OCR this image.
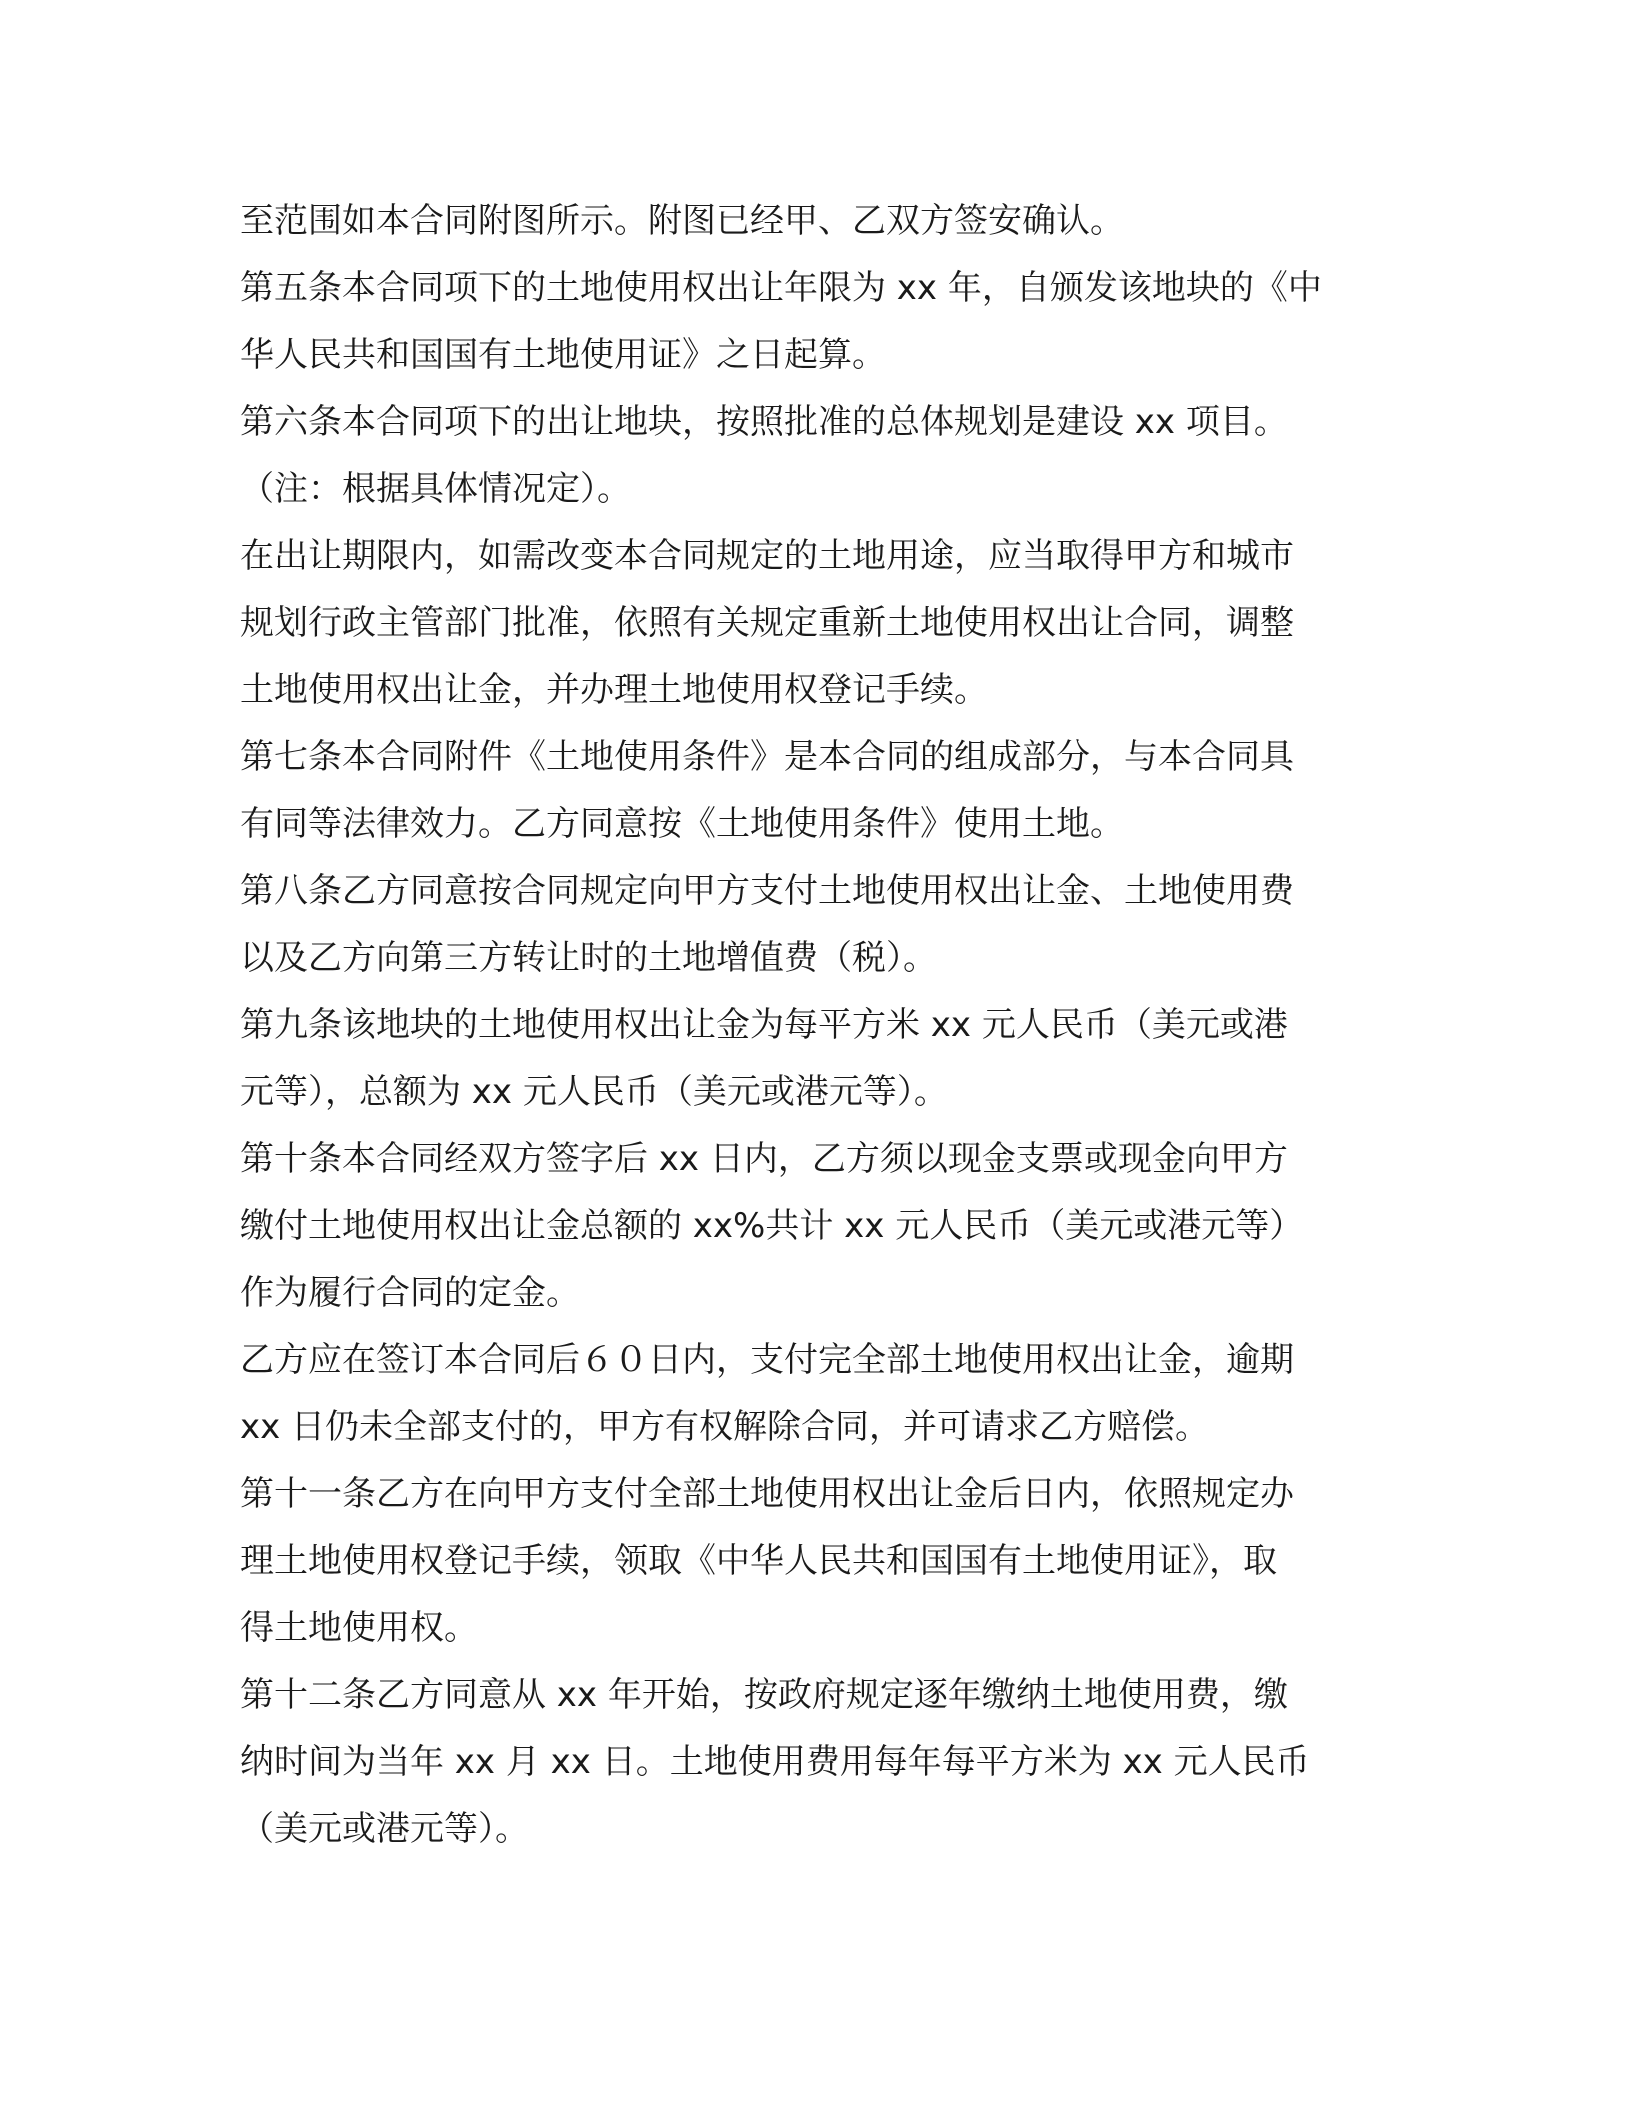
至范围如本合同附图所示。附图已经甲、乙双方签安确认。
第五条本合同项下的土地使用权出让年限为 xx 年，自颁发该地块的《中
华人民共和国国有土地使用证》之日起算。
第六条本合同项下的出让地块，按照批准的总体规划是建设 xx 项目。
（注：根据具体情况定）。
在出让期限内，如需改变本合同规定的土地用途，应当取得甲方和城市
规划行政主管部门批准，依照有关规定重新土地使用权出让合同，调整
土地使用权出让金，并办理土地使用权登记手续。
第七条本合同附件《土地使用条件》是本合同的组成部分，与本合同具
有同等法律效力。乙方同意按《土地使用条件》使用土地。
第八条乙方同意按合同规定向甲方支付土地使用权出让金、土地使用费
以及乙方向第三方转让时的土地增值费（税）。
第九条该地块的土地使用权出让金为每平方米 xx 元人民币（美元或港
元等），总额为 xx 元人民币（美元或港元等）。
第十条本合同经双方签字后 xx 日内，乙方须以现金支票或现金向甲方
缴付土地使用权出让金总额的 xx%共计 xx 元人民币（美元或港元等）
作为履行合同的定金。
乙方应在签订本合同后６０日内，支付完全部土地使用权出让金，逾期
xx 日仍未全部支付的，甲方有权解除合同，并可请求乙方赔偿。
第十一条乙方在向甲方支付全部土地使用权出让金后日内，依照规定办
理土地使用权登记手续，领取《中华人民共和国国有土地使用证》，取
得土地使用权。
第十二条乙方同意从 xx 年开始，按政府规定逐年缴纳土地使用费，缴
纳时间为当年 xx 月 xx 日。土地使用费用每年每平方米为 xx 元人民币
（美元或港元等）。
